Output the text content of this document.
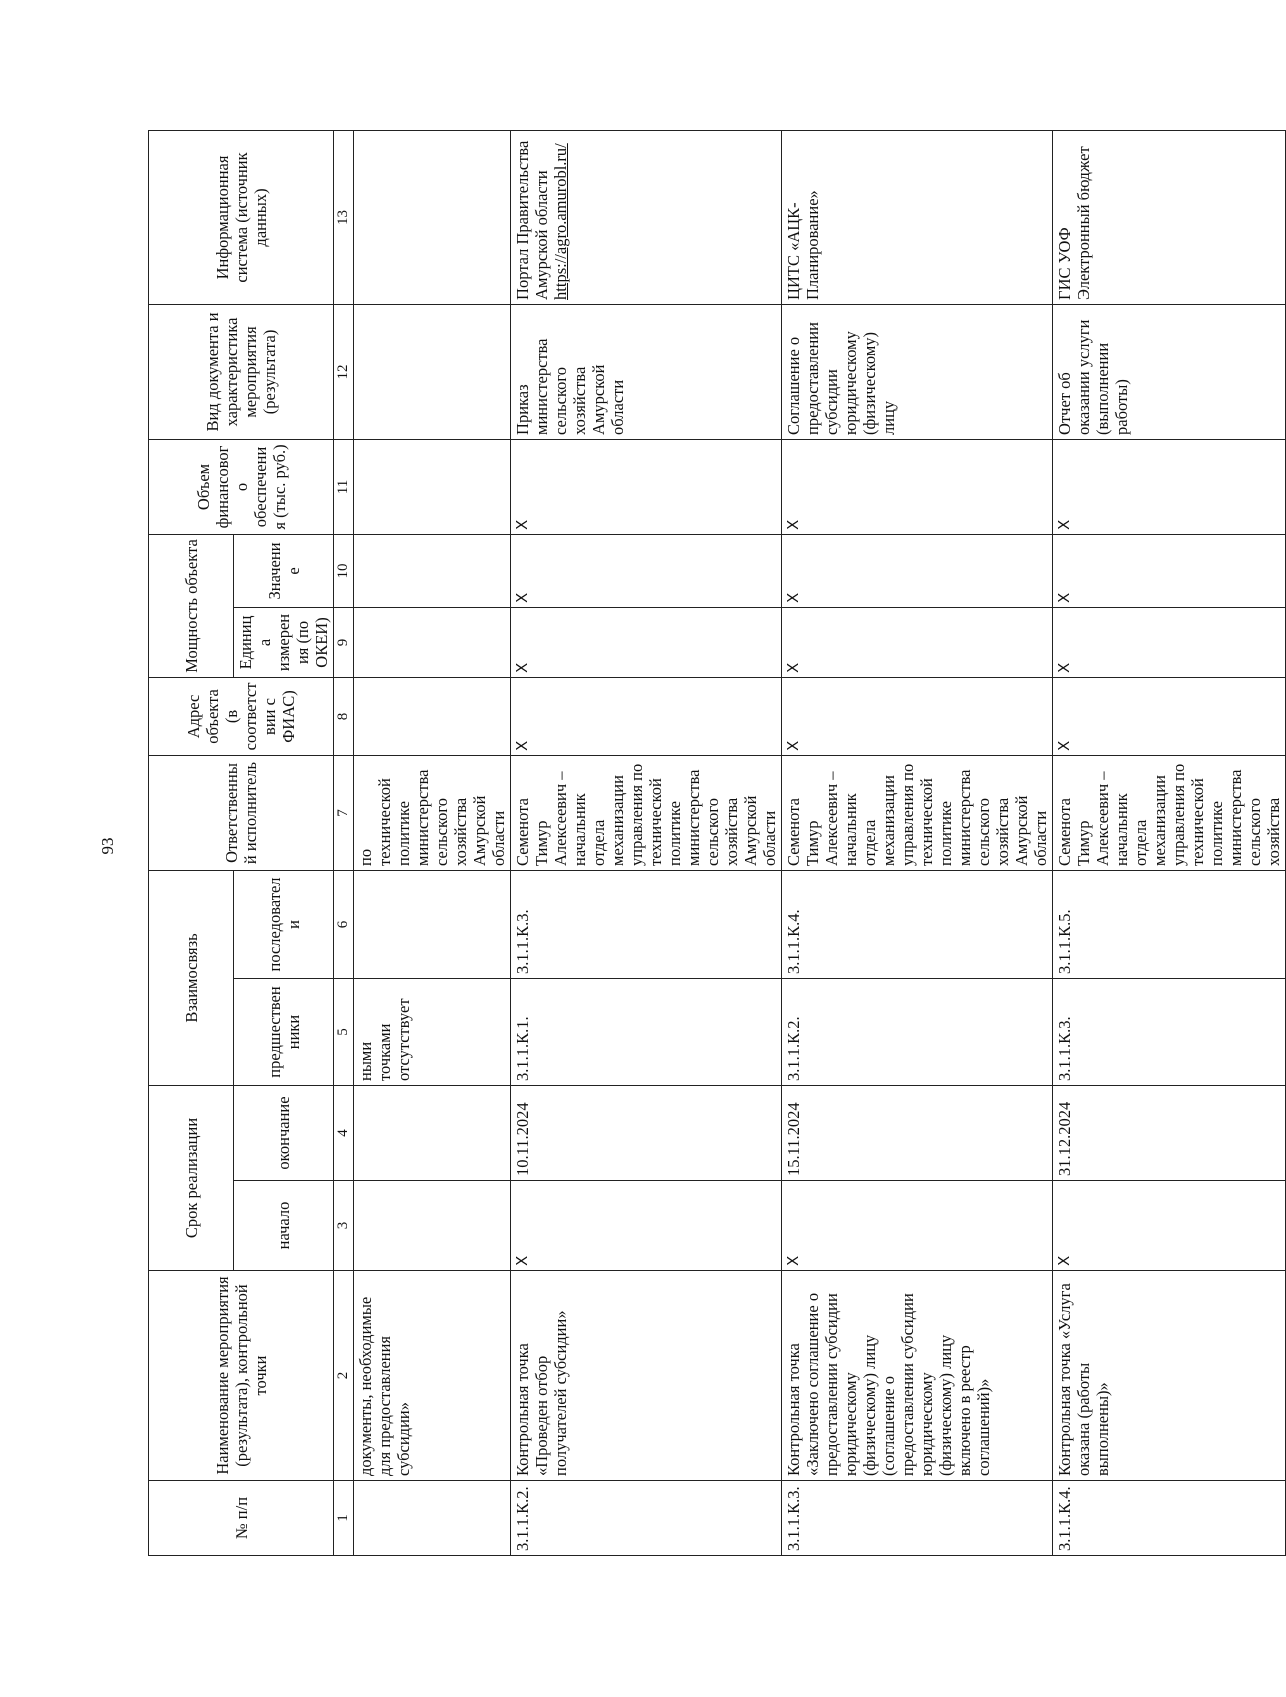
93
№ п/п	Наименование мероприятия (результата), контрольной точки	Срок реализации		Взаимосвязь		Ответственный исполнитель	Адрес объекта (в соответствии с ФИАС)	Мощность объекта		Объем финансового обеспечения (тыс. руб.)	Вид документа и характеристика мероприятия (результата)	Информационная система (источник данных)
		начало	окончание	предшественники	последователи			Единица измерения (по ОКЕИ)	Значение			
1	2	3	4	5	6	7	8	9	10	11	12	13
	документы, необходимые для предоставления субсидии»			ными точками отсутствует		по технической политике министерства сельского хозяйства Амурской области						
3.1.1.К.2.	Контрольная точка «Проведен отбор получателей субсидии»	X	10.11.2024	3.1.1.К.1.	3.1.1.К.3.	Семенота Тимур Алексеевич – начальник отдела механизации управления по технической политике министерства сельского хозяйства Амурской области	X	X	X	X	Приказ министерства сельского хозяйства Амурской области	Портал Правительства Амурской области https://agro.amurobl.ru/
3.1.1.К.3.	Контрольная точка «Заключено соглашение о предоставлении субсидии юридическому (физическому) лицу (соглашение о предоставлении субсидии юридическому (физическому) лицу включено в реестр соглашений)»	X	15.11.2024	3.1.1.К.2.	3.1.1.К.4.	Семенота Тимур Алексеевич – начальник отдела механизации управления по технической политике министерства сельского хозяйства Амурской области	X	X	X	X	Соглашение о предоставлении субсидии юридическому (физическому) лицу	ЦИТС «АЦК-Планирование»
3.1.1.К.4.	Контрольная точка «Услуга оказана (работы выполнены)»	X	31.12.2024	3.1.1.К.3.	3.1.1.К.5.	Семенота Тимур Алексеевич – начальник отдела механизации управления по технической политике министерства сельского хозяйства	X	X	X	X	Отчет об оказании услуги (выполнении работы)	ГИС УОФ Электронный бюджет
